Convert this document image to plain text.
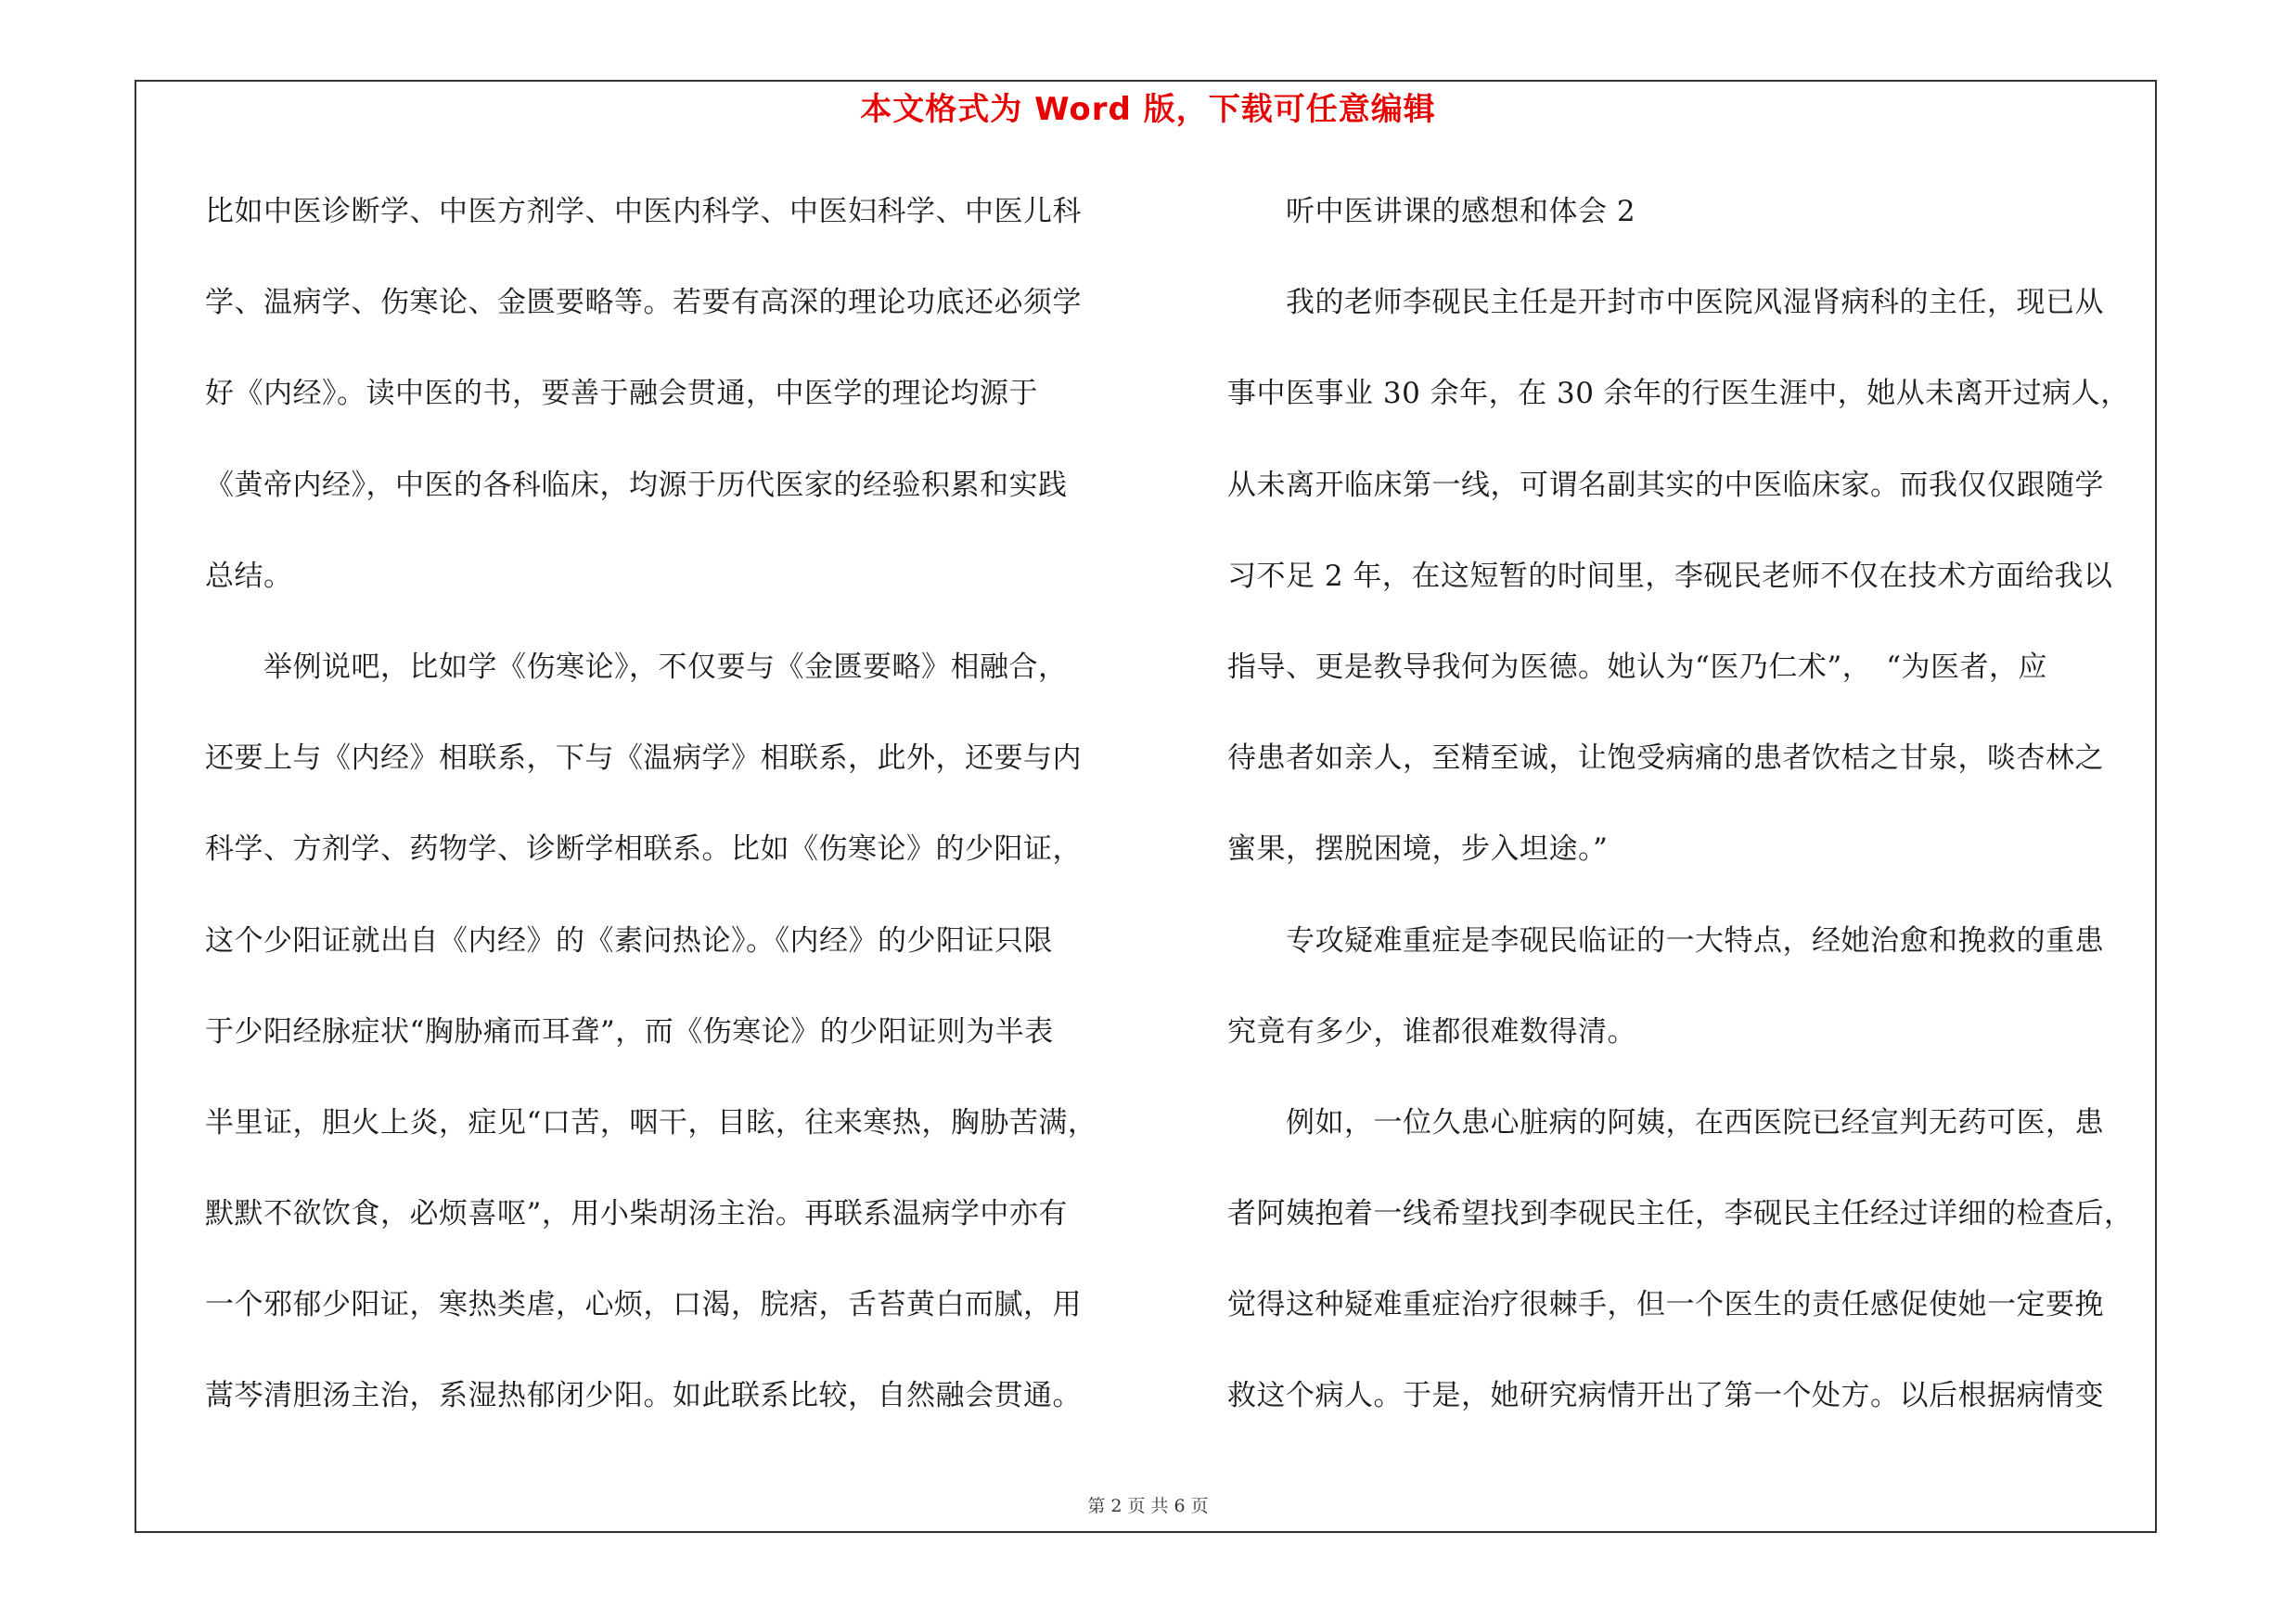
本文格式为 Word 版，下载可任意编辑
比如中医诊断学、中医方剂学、中医内科学、中医妇科学、中医儿科
学、温病学、伤寒论、金匮要略等。若要有高深的理论功底还必须学
好《内经》。读中医的书，要善于融会贯通，中医学的理论均源于
《黄帝内经》，中医的各科临床，均源于历代医家的经验积累和实践
总结。
　　举例说吧，比如学《伤寒论》，不仅要与《金匮要略》相融合，
还要上与《内经》相联系，下与《温病学》相联系，此外，还要与内
科学、方剂学、药物学、诊断学相联系。比如《伤寒论》的少阳证，
这个少阳证就出自《内经》的《素问热论》。《内经》的少阳证只限
于少阳经脉症状“胸胁痛而耳聋”，而《伤寒论》的少阳证则为半表
半里证，胆火上炎，症见“口苦，咽干，目眩，往来寒热，胸胁苦满，
默默不欲饮食，必烦喜呕”，用小柴胡汤主治。再联系温病学中亦有
一个邪郁少阳证，寒热类虐，心烦，口渴，脘痞，舌苔黄白而腻，用
蒿芩清胆汤主治，系湿热郁闭少阳。如此联系比较，自然融会贯通。
　　听中医讲课的感想和体会 2
　　我的老师李砚民主任是开封市中医院风湿肾病科的主任，现已从
事中医事业 30 余年，在 30 余年的行医生涯中，她从未离开过病人，
从未离开临床第一线，可谓名副其实的中医临床家。而我仅仅跟随学
习不足 2 年，在这短暂的时间里，李砚民老师不仅在技术方面给我以
指导、更是教导我何为医德。她认为“医乃仁术”，　“为医者，应
待患者如亲人，至精至诚，让饱受病痛的患者饮桔之甘泉，啖杏林之
蜜果，摆脱困境，步入坦途。”
　　专攻疑难重症是李砚民临证的一大特点，经她治愈和挽救的重患
究竟有多少，谁都很难数得清。
　　例如，一位久患心脏病的阿姨，在西医院已经宣判无药可医，患
者阿姨抱着一线希望找到李砚民主任，李砚民主任经过详细的检查后，
觉得这种疑难重症治疗很棘手，但一个医生的责任感促使她一定要挽
救这个病人。于是，她研究病情开出了第一个处方。以后根据病情变
第 2 页 共 6 页
